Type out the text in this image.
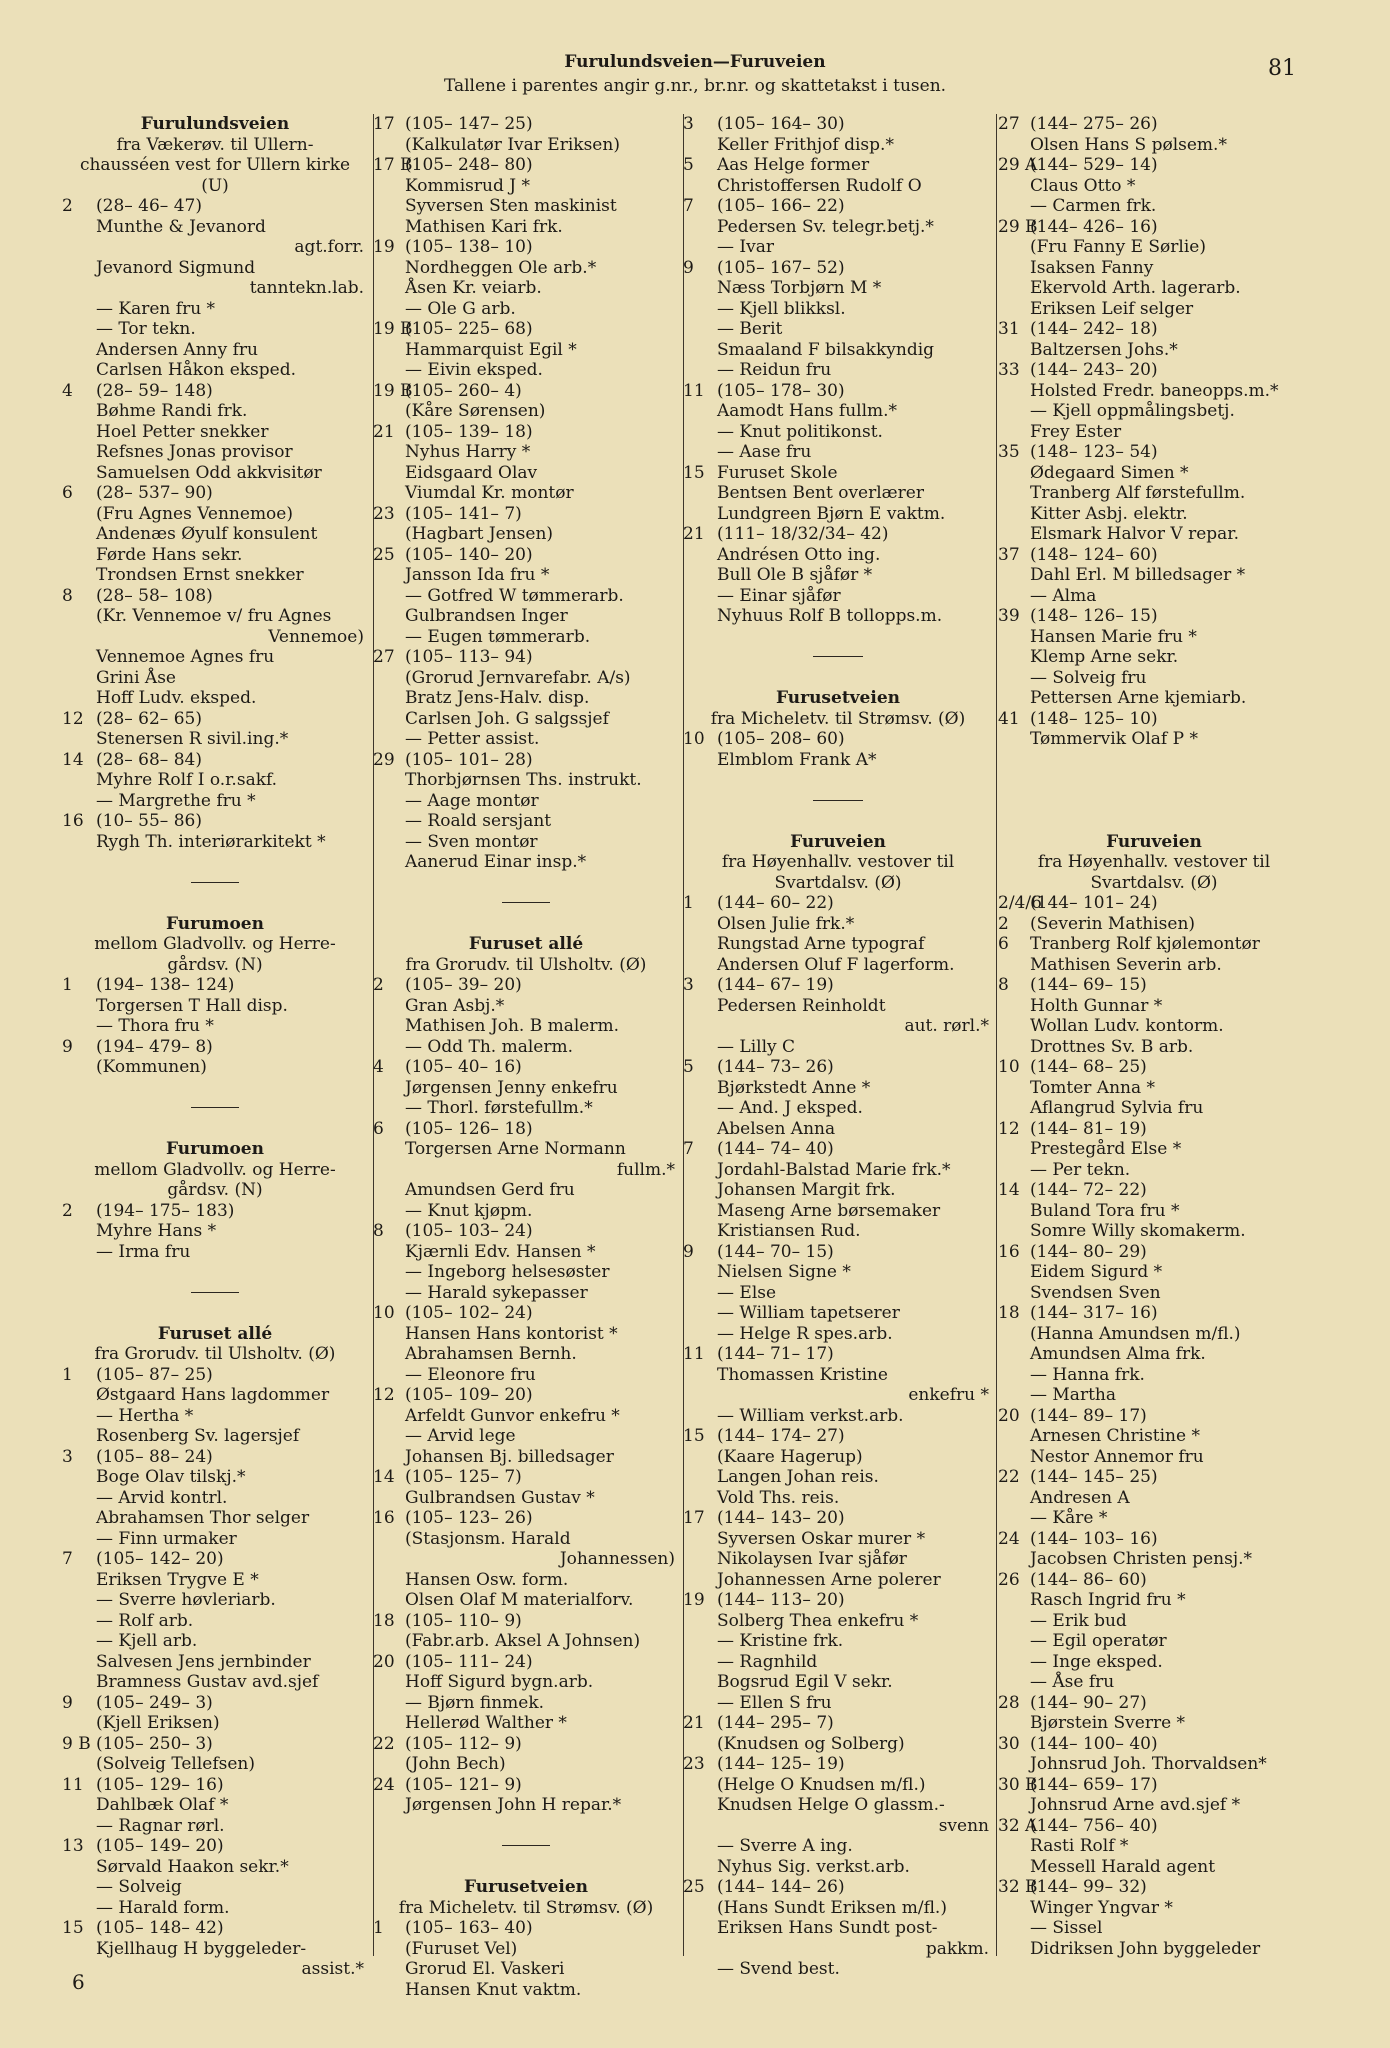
Furulundsveien—Furuveien
Tallene i parentes angir g.nr., br.nr. og skattetakst i tusen.
81
6
Furulundsveien
fra Vækerøv. til Ullern-
chausséen vest for Ullern kirke
(U)
2 (28– 46– 47)
Munthe & Jevanord
agt.forr.
Jevanord Sigmund
tanntekn.lab.
— Karen fru *
— Tor tekn.
Andersen Anny fru
Carlsen Håkon eksped.
4 (28– 59– 148)
Bøhme Randi frk.
Hoel Petter snekker
Refsnes Jonas provisor
Samuelsen Odd akkvisitør
6 (28– 537– 90)
(Fru Agnes Vennemoe)
Andenæs Øyulf konsulent
Førde Hans sekr.
Trondsen Ernst snekker
8 (28– 58– 108)
(Kr. Vennemoe v/ fru Agnes
Vennemoe)
Vennemoe Agnes fru
Grini Åse
Hoff Ludv. eksped.
12 (28– 62– 65)
Stenersen R sivil.ing.*
14 (28– 68– 84)
Myhre Rolf I o.r.sakf.
— Margrethe fru *
16 (10– 55– 86)
Rygh Th. interiørarkitekt *
Furumoen
mellom Gladvollv. og Herre-
gårdsv. (N)
1 (194– 138– 124)
Torgersen T Hall disp.
— Thora fru *
9 (194– 479– 8)
(Kommunen)
Furumoen
mellom Gladvollv. og Herre-
gårdsv. (N)
2 (194– 175– 183)
Myhre Hans *
— Irma fru
Furuset allé
fra Grorudv. til Ulsholtv. (Ø)
1 (105– 87– 25)
Østgaard Hans lagdommer
— Hertha *
Rosenberg Sv. lagersjef
3 (105– 88– 24)
Boge Olav tilskj.*
— Arvid kontrl.
Abrahamsen Thor selger
— Finn urmaker
7 (105– 142– 20)
Eriksen Trygve E *
— Sverre høvleriarb.
— Rolf arb.
— Kjell arb.
Salvesen Jens jernbinder
Bramness Gustav avd.sjef
9 (105– 249– 3)
(Kjell Eriksen)
9 B (105– 250– 3)
(Solveig Tellefsen)
11 (105– 129– 16)
Dahlbæk Olaf *
— Ragnar rørl.
13 (105– 149– 20)
Sørvald Haakon sekr.*
— Solveig
— Harald form.
15 (105– 148– 42)
Kjellhaug H byggeleder-
assist.*
17 (105– 147– 25)
(Kalkulatør Ivar Eriksen)
17 B
(105– 248– 80)
Kommisrud J *
Syversen Sten maskinist
Mathisen Kari frk.
19 (105– 138– 10)
Nordheggen Ole arb.*
Åsen Kr. veiarb.
— Ole G arb.
19 B
(105– 225– 68)
Hammarquist Egil *
— Eivin eksped.
19 B
(105– 260– 4)
(Kåre Sørensen)
21 (105– 139– 18)
Nyhus Harry *
Eidsgaard Olav
Viumdal Kr. montør
23 (105– 141– 7)
(Hagbart Jensen)
25 (105– 140– 20)
Jansson Ida fru *
— Gotfred W tømmerarb.
Gulbrandsen Inger
— Eugen tømmerarb.
27 (105– 113– 94)
(Grorud Jernvarefabr. A/s)
Bratz Jens-Halv. disp.
Carlsen Joh. G salgssjef
— Petter assist.
29 (105– 101– 28)
Thorbjørnsen Ths. instrukt.
— Aage montør
— Roald sersjant
— Sven montør
Aanerud Einar insp.*
Furuset allé
fra Grorudv. til Ulsholtv. (Ø)
2 (105– 39– 20)
Gran Asbj.*
Mathisen Joh. B malerm.
— Odd Th. malerm.
4 (105– 40– 16)
Jørgensen Jenny enkefru
— Thorl. førstefullm.*
6 (105– 126– 18)
Torgersen Arne Normann
fullm.*
Amundsen Gerd fru
— Knut kjøpm.
8 (105– 103– 24)
Kjærnli Edv. Hansen *
— Ingeborg helsesøster
— Harald sykepasser
10 (105– 102– 24)
Hansen Hans kontorist *
Abrahamsen Bernh.
— Eleonore fru
12 (105– 109– 20)
Arfeldt Gunvor enkefru *
— Arvid lege
Johansen Bj. billedsager
14 (105– 125– 7)
Gulbrandsen Gustav *
16 (105– 123– 26)
(Stasjonsm. Harald
Johannessen)
Hansen Osw. form.
Olsen Olaf M materialforv.
18 (105– 110– 9)
(Fabr.arb. Aksel A Johnsen)
20 (105– 111– 24)
Hoff Sigurd bygn.arb.
— Bjørn finmek.
Hellerød Walther *
22 (105– 112– 9)
(John Bech)
24 (105– 121– 9)
Jørgensen John H repar.*
Furusetveien
fra Micheletv. til Strømsv. (Ø)
1 (105– 163– 40)
(Furuset Vel)
Grorud El. Vaskeri
Hansen Knut vaktm.
3 (105– 164– 30)
Keller Frithjof disp.*
5 Aas Helge former
Christoffersen Rudolf O
7 (105– 166– 22)
Pedersen Sv. telegr.betj.*
— Ivar
9 (105– 167– 52)
Næss Torbjørn M *
— Kjell blikksl.
— Berit
Smaaland F bilsakkyndig
— Reidun fru
11 (105– 178– 30)
Aamodt Hans fullm.*
— Knut politikonst.
— Aase fru
15 Furuset Skole
Bentsen Bent overlærer
Lundgreen Bjørn E vaktm.
21 (111– 18/32/34– 42)
Andrésen Otto ing.
Bull Ole B sjåfør *
— Einar sjåfør
Nyhuus Rolf B tollopps.m.
Furusetveien
fra Micheletv. til Strømsv. (Ø)
10 (105– 208– 60)
Elmblom Frank A*
Furuveien
fra Høyenhallv. vestover til
Svartdalsv. (Ø)
1 (144– 60– 22)
Olsen Julie frk.*
Rungstad Arne typograf
Andersen Oluf F lagerform.
3 (144– 67– 19)
Pedersen Reinholdt
aut. rørl.*
— Lilly C
5 (144– 73– 26)
Bjørkstedt Anne *
— And. J eksped.
Abelsen Anna
7 (144– 74– 40)
Jordahl-Balstad Marie frk.*
Johansen Margit frk.
Maseng Arne børsemaker
Kristiansen Rud.
9 (144– 70– 15)
Nielsen Signe *
— Else
— William tapetserer
— Helge R spes.arb.
11 (144– 71– 17)
Thomassen Kristine
enkefru *
— William verkst.arb.
15 (144– 174– 27)
(Kaare Hagerup)
Langen Johan reis.
Vold Ths. reis.
17 (144– 143– 20)
Syversen Oskar murer *
Nikolaysen Ivar sjåfør
Johannessen Arne polerer
19 (144– 113– 20)
Solberg Thea enkefru *
— Kristine frk.
— Ragnhild
Bogsrud Egil V sekr.
— Ellen S fru
21 (144– 295– 7)
(Knudsen og Solberg)
23 (144– 125– 19)
(Helge O Knudsen m/fl.)
Knudsen Helge O glassm.-
svenn
— Sverre A ing.
Nyhus Sig. verkst.arb.
25 (144– 144– 26)
(Hans Sundt Eriksen m/fl.)
Eriksen Hans Sundt post-
pakkm.
— Svend best.
27 (144– 275– 26)
Olsen Hans S pølsem.*
29 A
(144– 529– 14)
Claus Otto *
— Carmen frk.
29 B
(144– 426– 16)
(Fru Fanny E Sørlie)
Isaksen Fanny
Ekervold Arth. lagerarb.
Eriksen Leif selger
31 (144– 242– 18)
Baltzersen Johs.*
33 (144– 243– 20)
Holsted Fredr. baneopps.m.*
— Kjell oppmålingsbetj.
Frey Ester
35 (148– 123– 54)
Ødegaard Simen *
Tranberg Alf førstefullm.
Kitter Asbj. elektr.
Elsmark Halvor V repar.
37 (148– 124– 60)
Dahl Erl. M billedsager *
— Alma
39 (148– 126– 15)
Hansen Marie fru *
Klemp Arne sekr.
— Solveig fru
Pettersen Arne kjemiarb.
41 (148– 125– 10)
Tømmervik Olaf P *
Furuveien
fra Høyenhallv. vestover til
Svartdalsv. (Ø)
2/4/6
(144– 101– 24)
2 (Severin Mathisen)
6 Tranberg Rolf kjølemontør
Mathisen Severin arb.
8 (144– 69– 15)
Holth Gunnar *
Wollan Ludv. kontorm.
Drottnes Sv. B arb.
10 (144– 68– 25)
Tomter Anna *
Aflangrud Sylvia fru
12 (144– 81– 19)
Prestegård Else *
— Per tekn.
14 (144– 72– 22)
Buland Tora fru *
Somre Willy skomakerm.
16 (144– 80– 29)
Eidem Sigurd *
Svendsen Sven
18 (144– 317– 16)
(Hanna Amundsen m/fl.)
Amundsen Alma frk.
— Hanna frk.
— Martha
20 (144– 89– 17)
Arnesen Christine *
Nestor Annemor fru
22 (144– 145– 25)
Andresen A
— Kåre *
24 (144– 103– 16)
Jacobsen Christen pensj.*
26 (144– 86– 60)
Rasch Ingrid fru *
— Erik bud
— Egil operatør
— Inge eksped.
— Åse fru
28 (144– 90– 27)
Bjørstein Sverre *
30 (144– 100– 40)
Johnsrud Joh. Thorvaldsen*
30 B
(144– 659– 17)
Johnsrud Arne avd.sjef *
32 A
(144– 756– 40)
Rasti Rolf *
Messell Harald agent
32 B
(144– 99– 32)
Winger Yngvar *
— Sissel
Didriksen John byggeleder
